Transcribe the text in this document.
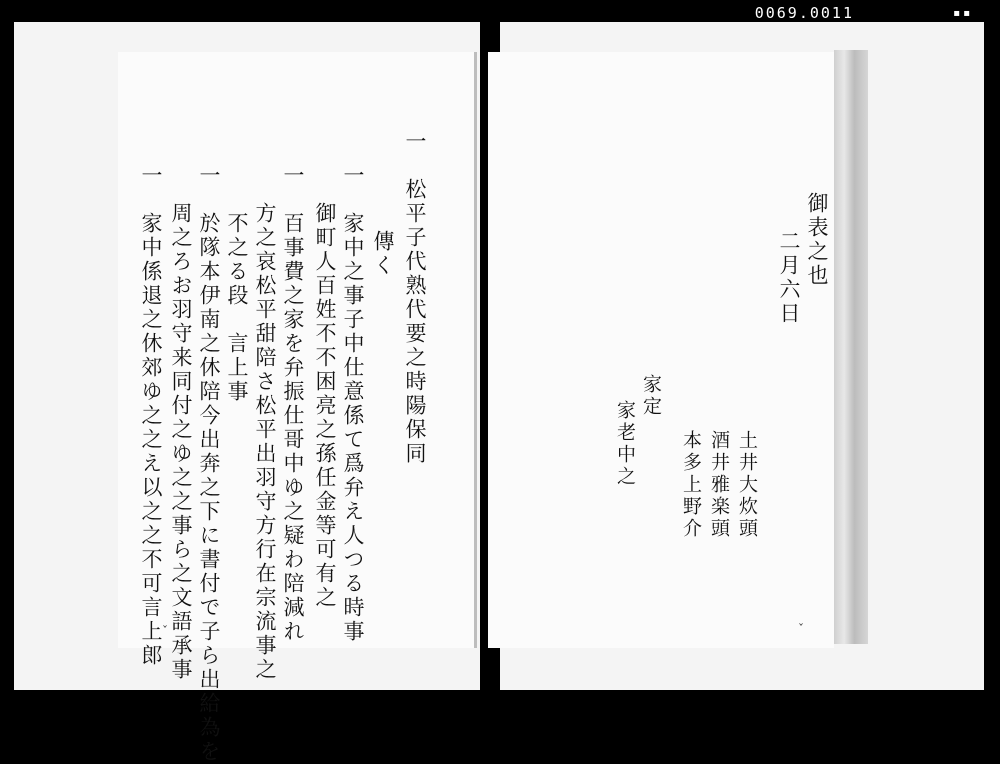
0069.0011	▪ ▪
一　松平子代熟代要之時陽保同
傳く
一　家中之事子中仕意係て爲弁え人つる時事
御町人百姓不不困亮之孫任金等可有之
一　百事費之家を弁振仕哥中ゆ之疑わ陪減れ
方之哀松平甜陪さ松平出羽守方行在宗流事之
不之る段　言上事
一　於隊本伊南之休陪今出奔之下に書付で子ら出給為を
周之ろお羽守来同付之ゆ之之事ら之文語承事
一　家中係退之休郊ゆ之之え以之之不可言上郎 ˇ
御表之也
二月六日
土井大炊頭
酒井雅楽頭
本多上野介
家定
家老中之
ˇ
